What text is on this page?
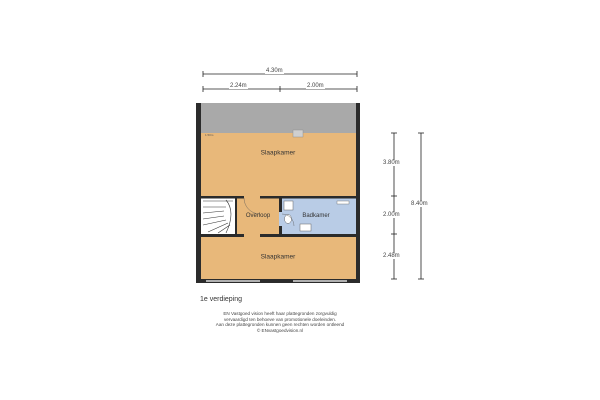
1.50m
4.30m
2.24m	2.00m
3.80m
2.00m
2.48m
8.40m
Slaapkamer
Overloop	Badkamer
Slaapkamer
1e verdieping
EN Vastgoed vision heeft haar plattegronden zorgvuldig
vervaardigd ten behoeve van promotionele doeleinden.
Aan deze plattegronden kunnen geen rechten worden ontleend
© ENvastgoedvision.nl
